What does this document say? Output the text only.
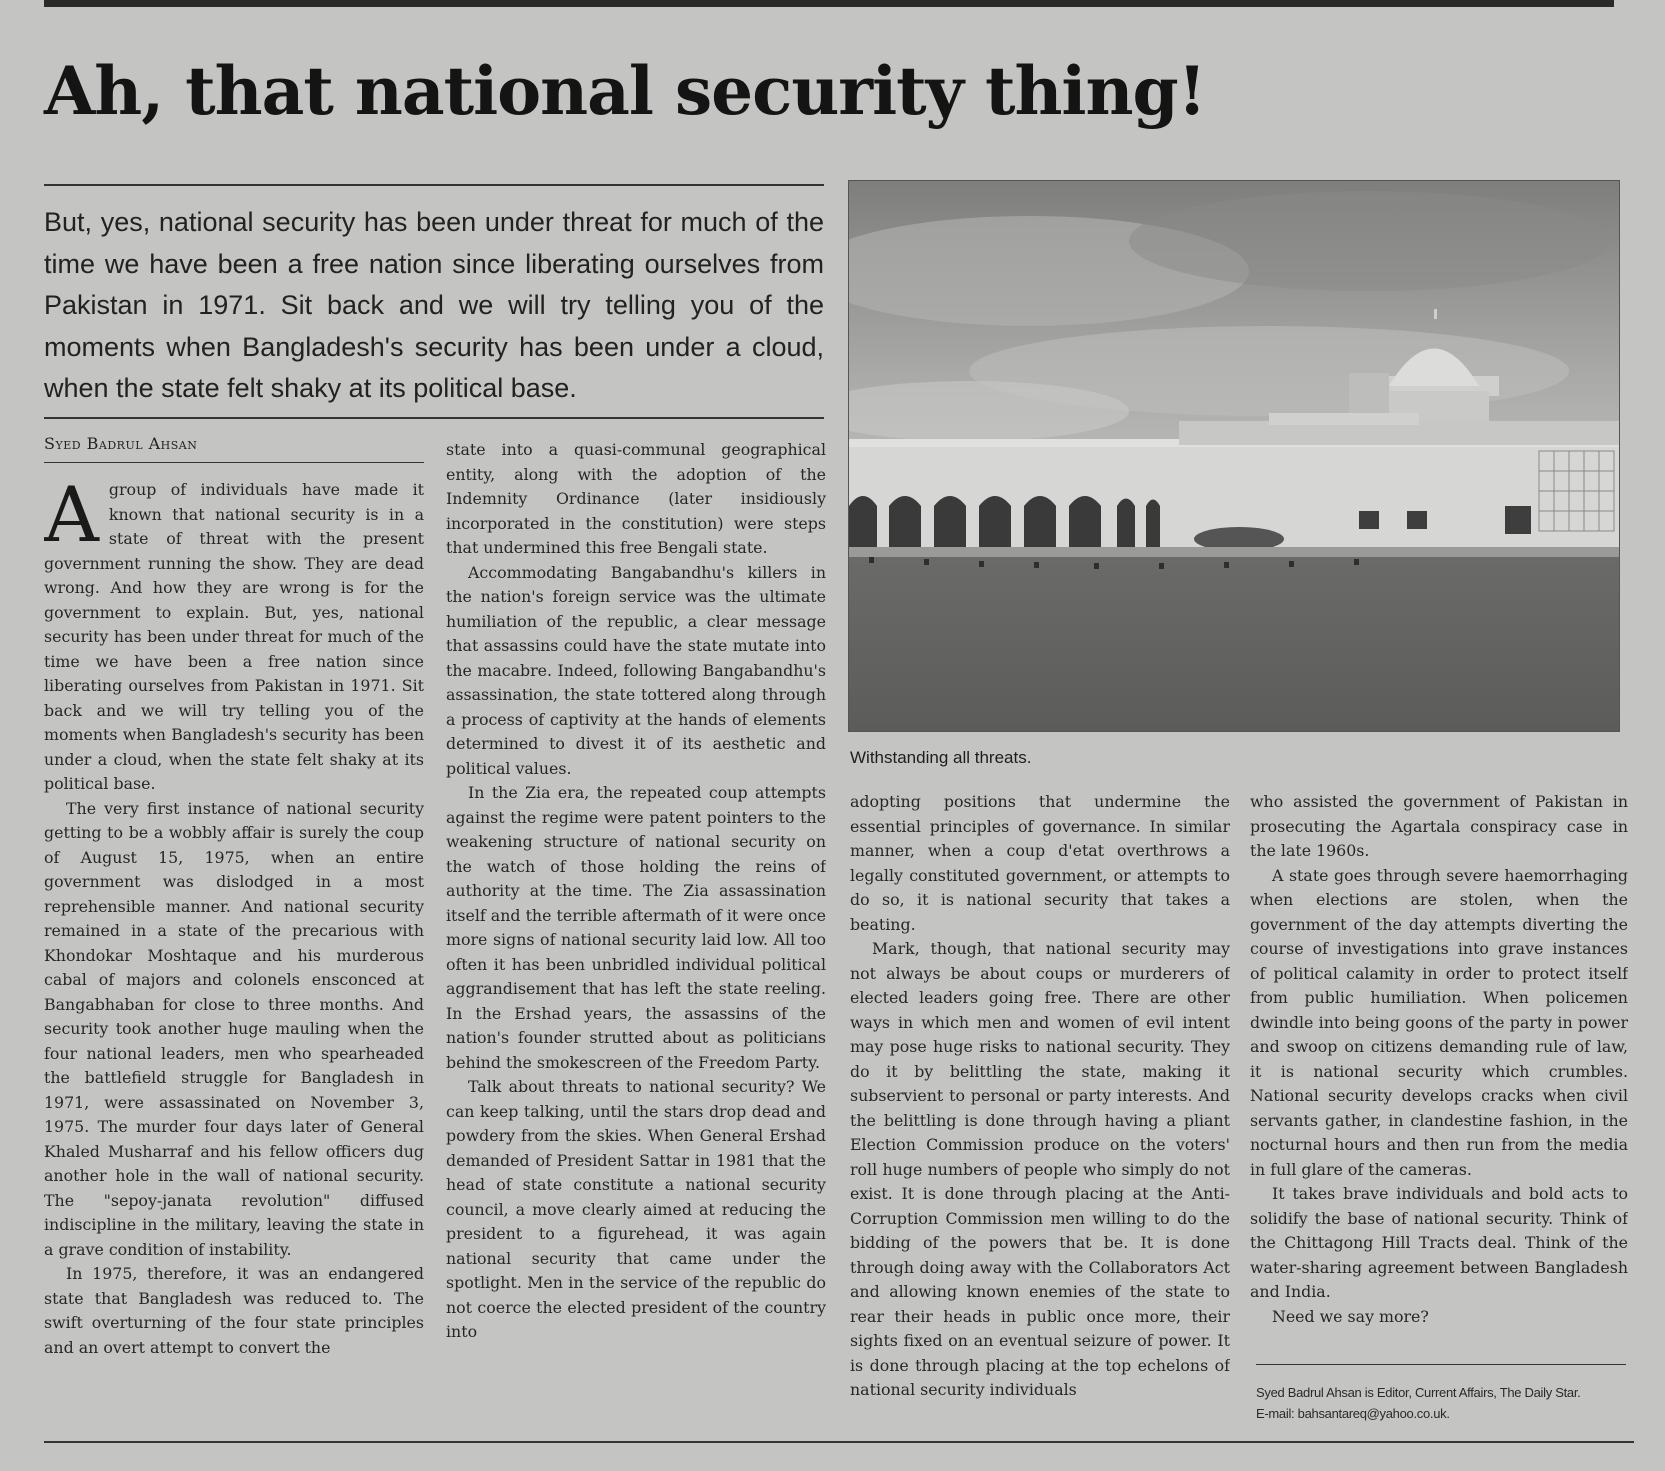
Ah, that national security thing!

But, yes, national security has been under threat for much of the time we have been a free nation since liberating ourselves from Pakistan in 1971. Sit back and we will try telling you of the moments when Bangladesh's security has been under a cloud, when the state felt shaky at its political base.

Syed Badrul Ahsan

Agroup of individuals have made it known that national security is in a state of threat with the present government running the show. They are dead wrong. And how they are wrong is for the government to explain. But, yes, national security has been under threat for much of the time we have been a free nation since liberating ourselves from Pakistan in 1971. Sit back and we will try telling you of the moments when Bangladesh's security has been under a cloud, when the state felt shaky at its political base.

The very first instance of national security getting to be a wobbly affair is surely the coup of August 15, 1975, when an entire government was dislodged in a most reprehensible manner. And national security remained in a state of the precarious with Khondokar Moshtaque and his murderous cabal of majors and colonels ensconced at Bangabhaban for close to three months. And security took another huge mauling when the four national leaders, men who spearheaded the battlefield struggle for Bangladesh in 1971, were assassinated on November 3, 1975. The murder four days later of General Khaled Musharraf and his fellow officers dug another hole in the wall of national security. The "sepoy-janata revolution" diffused indiscipline in the military, leaving the state in a grave condition of instability.

In 1975, therefore, it was an endangered state that Bangladesh was reduced to. The swift overturning of the four state principles and an overt attempt to convert the

state into a quasi-communal geographical entity, along with the adoption of the Indemnity Ordinance (later insidiously incorporated in the constitution) were steps that undermined this free Bengali state.

Accommodating Bangabandhu's killers in the nation's foreign service was the ultimate humiliation of the republic, a clear message that assassins could have the state mutate into the macabre. Indeed, following Bangabandhu's assassination, the state tottered along through a process of captivity at the hands of elements determined to divest it of its aesthetic and political values.

In the Zia era, the repeated coup attempts against the regime were patent pointers to the weakening structure of national security on the watch of those holding the reins of authority at the time. The Zia assassination itself and the terrible aftermath of it were once more signs of national security laid low. All too often it has been unbridled individual political aggrandisement that has left the state reeling. In the Ershad years, the assassins of the nation's founder strutted about as politicians behind the smokescreen of the Freedom Party.

Talk about threats to national security? We can keep talking, until the stars drop dead and powdery from the skies. When General Ershad demanded of President Sattar in 1981 that the head of state constitute a national security council, a move clearly aimed at reducing the president to a figurehead, it was again national security that came under the spotlight. Men in the service of the republic do not coerce the elected president of the country into

Withstanding all threats.

adopting positions that undermine the essential principles of governance. In similar manner, when a coup d'etat overthrows a legally constituted government, or attempts to do so, it is national security that takes a beating.

Mark, though, that national security may not always be about coups or murderers of elected leaders going free. There are other ways in which men and women of evil intent may pose huge risks to national security. They do it by belittling the state, making it subservient to personal or party interests. And the belittling is done through having a pliant Election Commission produce on the voters' roll huge numbers of people who simply do not exist. It is done through placing at the Anti-Corruption Commission men willing to do the bidding of the powers that be. It is done through doing away with the Collaborators Act and allowing known enemies of the state to rear their heads in public once more, their sights fixed on an eventual seizure of power. It is done through placing at the top echelons of national security individuals

who assisted the government of Pakistan in prosecuting the Agartala conspiracy case in the late 1960s.

A state goes through severe haemorrhaging when elections are stolen, when the government of the day attempts diverting the course of investigations into grave instances of political calamity in order to protect itself from public humiliation. When policemen dwindle into being goons of the party in power and swoop on citizens demanding rule of law, it is national security which crumbles. National security develops cracks when civil servants gather, in clandestine fashion, in the nocturnal hours and then run from the media in full glare of the cameras.

It takes brave individuals and bold acts to solidify the base of national security. Think of the Chittagong Hill Tracts deal. Think of the water-sharing agreement between Bangladesh and India.

Need we say more?

Syed Badrul Ahsan is Editor, Current Affairs, The Daily Star.
E-mail: bahsantareq@yahoo.co.uk.
